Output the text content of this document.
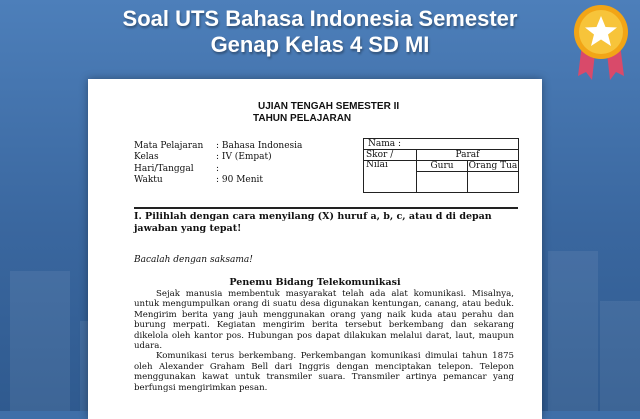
Soal UTS Bahasa Indonesia Semester
Genap Kelas 4 SD MI
UJIAN TENGAH SEMESTER II
TAHUN PELAJARAN
Mata Pelajaran	: Bahasa Indonesia
Kelas	: IV (Empat)
Hari/Tanggal	:
Waktu	: 90 Menit
Nama :
Skor / Nilai
Paraf
Guru	Orang Tua
I. Pilihlah dengan cara menyilang (X) huruf a, b, c, atau d di depan jawaban yang tepat!
Bacalah dengan saksama!
Penemu Bidang Telekomunikasi

Sejak manusia membentuk masyarakat telah ada alat komunikasi. Misalnya, untuk mengumpulkan orang di suatu desa digunakan kentungan, canang, atau beduk. Mengirim berita yang jauh menggunakan orang yang naik kuda atau perahu dan burung merpati. Kegiatan mengirim berita tersebut berkembang dan sekarang dikelola oleh kantor pos. Hubungan pos dapat dilakukan melalui darat, laut, maupun udara.

Komunikasi terus berkembang. Perkembangan komunikasi dimulai tahun 1875 oleh Alexander Graham Bell dari Inggris dengan menciptakan telepon. Telepon menggunakan kawat untuk transmiler suara. Transmiler artinya pemancar yang berfungsi mengirimkan pesan.
